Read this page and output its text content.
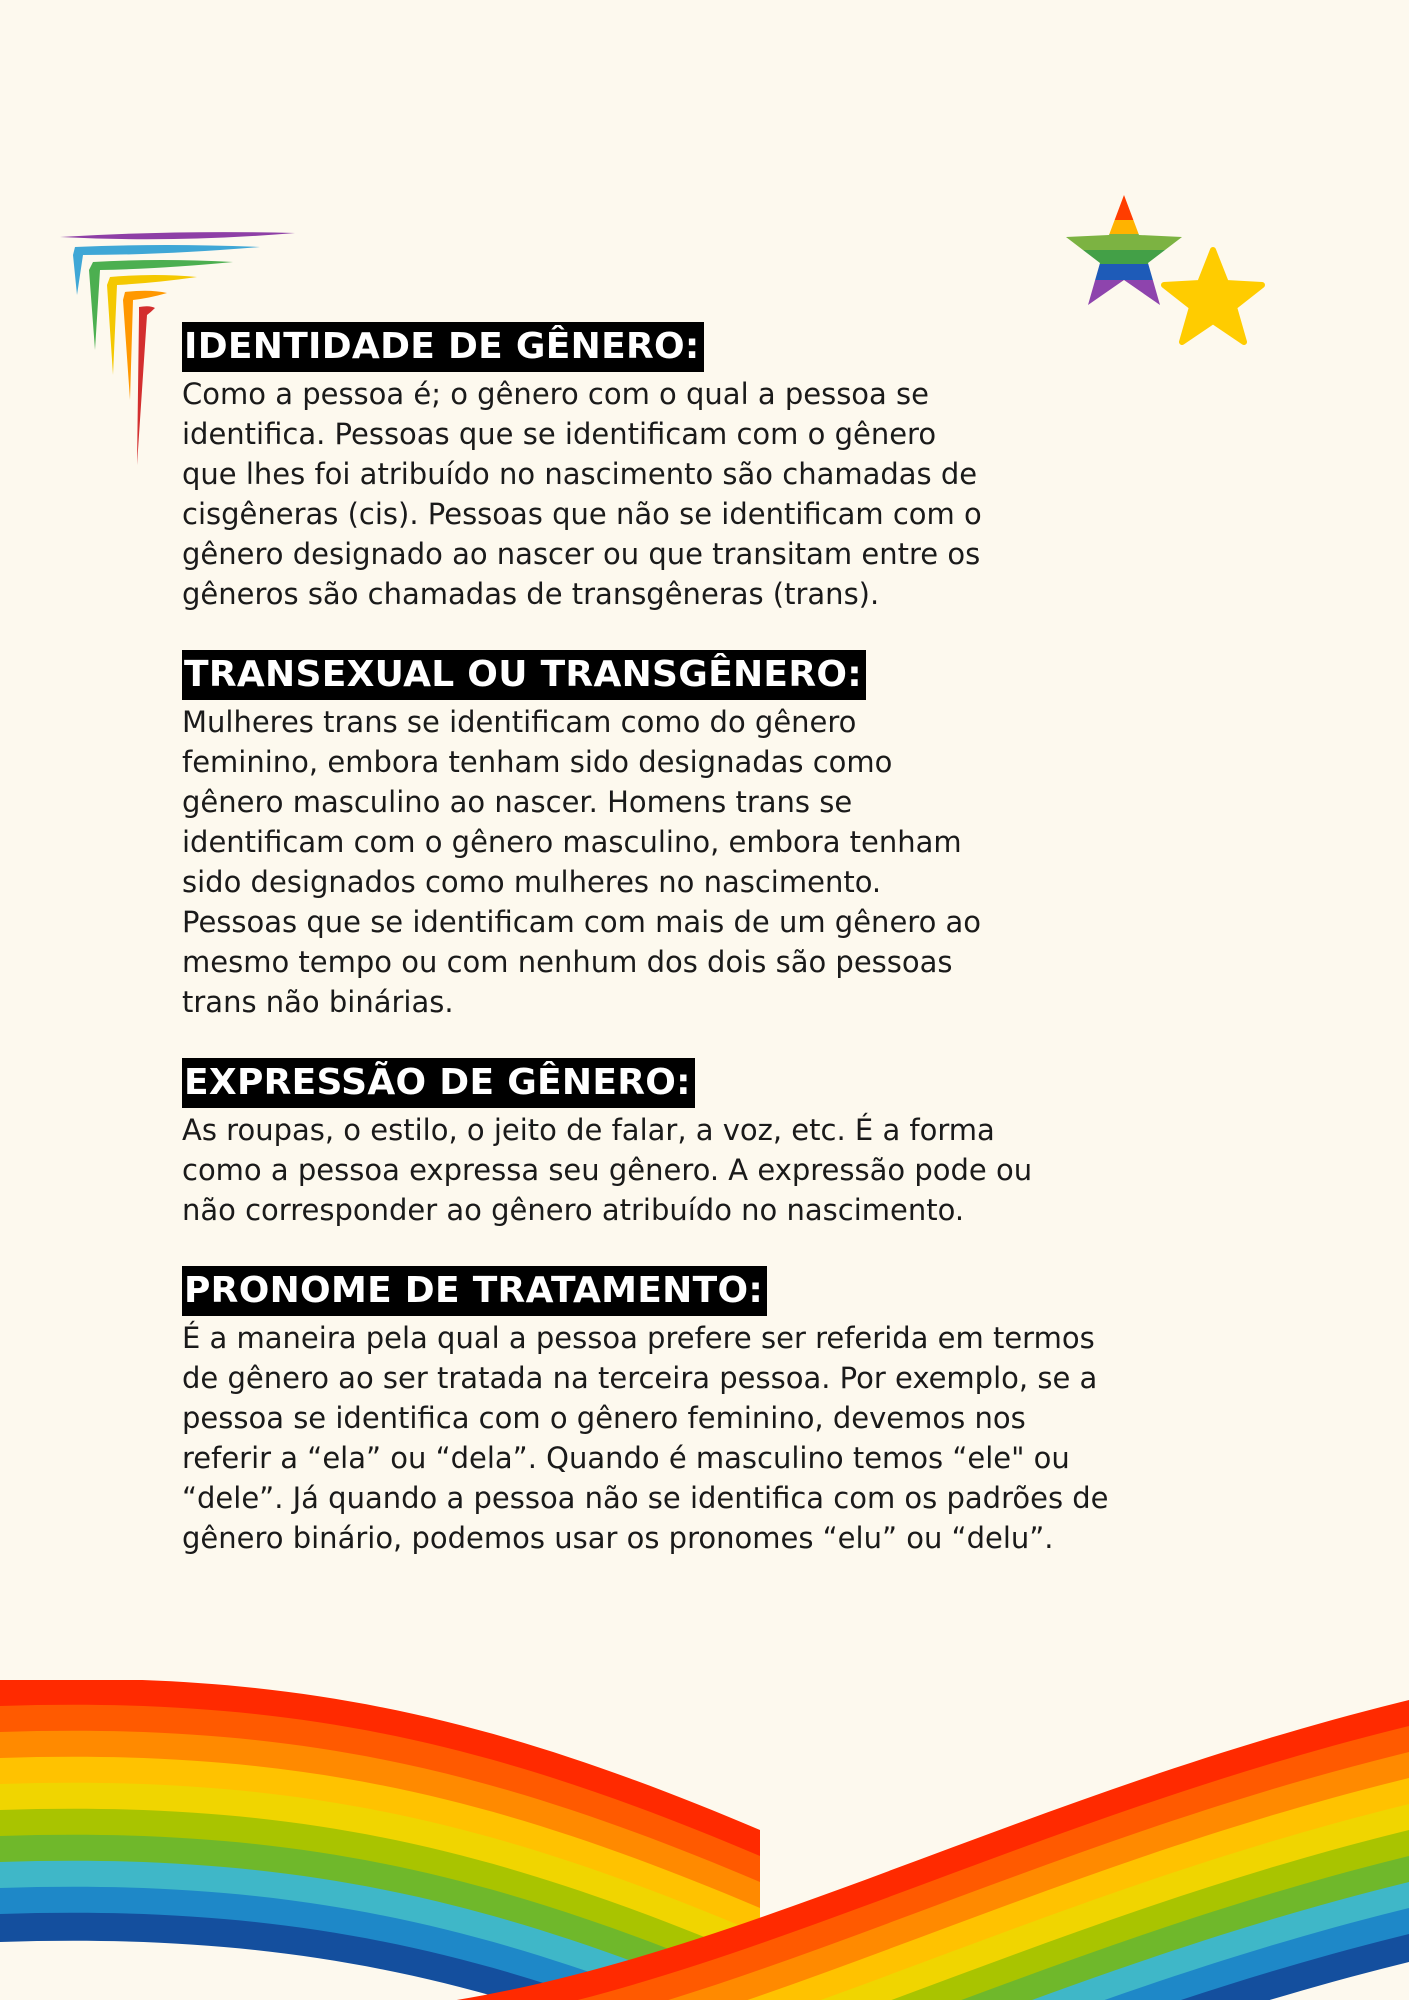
IDENTIDADE DE GÊNERO:

Como a pessoa é; o gênero com o qual a pessoa se
identifica. Pessoas que se identificam com o gênero
que lhes foi atribuído no nascimento são chamadas de
cisgêneras (cis). Pessoas que não se identificam com o
gênero designado ao nascer ou que transitam entre os
gêneros são chamadas de transgêneras (trans).

TRANSEXUAL OU TRANSGÊNERO:

Mulheres trans se identificam como do gênero
feminino, embora tenham sido designadas como
gênero masculino ao nascer. Homens trans se
identificam com o gênero masculino, embora tenham
sido designados como mulheres no nascimento.
Pessoas que se identificam com mais de um gênero ao
mesmo tempo ou com nenhum dos dois são pessoas
trans não binárias.

EXPRESSÃO DE GÊNERO:

As roupas, o estilo, o jeito de falar, a voz, etc. É a forma
como a pessoa expressa seu gênero. A expressão pode ou
não corresponder ao gênero atribuído no nascimento.

PRONOME DE TRATAMENTO:

É a maneira pela qual a pessoa prefere ser referida em termos
de gênero ao ser tratada na terceira pessoa. Por exemplo, se a
pessoa se identifica com o gênero feminino, devemos nos
referir a “ela” ou “dela”. Quando é masculino temos “ele" ou
“dele”. Já quando a pessoa não se identifica com os padrões de
gênero binário, podemos usar os pronomes “elu” ou “delu”.
